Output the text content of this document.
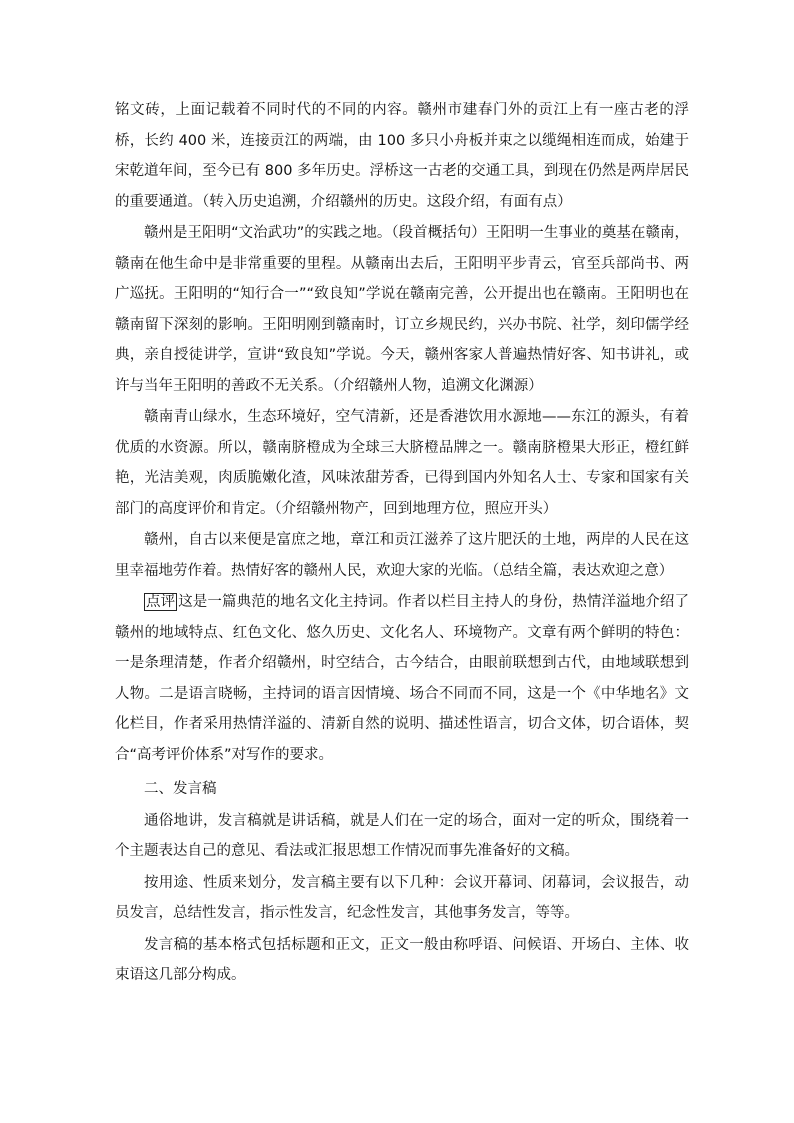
铭文砖，上面记载着不同时代的不同的内容。赣州市建春门外的贡江上有一座古老的浮桥，长约 400 米，连接贡江的两端，由 100 多只小舟板并束之以缆绳相连而成，始建于宋乾道年间，至今已有 800 多年历史。浮桥这一古老的交通工具，到现在仍然是两岸居民的重要通道。（转入历史追溯，介绍赣州的历史。这段介绍，有面有点）

赣州是王阳明“文治武功”的实践之地。（段首概括句）王阳明一生事业的奠基在赣南，赣南在他生命中是非常重要的里程。从赣南出去后，王阳明平步青云，官至兵部尚书、两广巡抚。王阳明的“知行合一”“致良知”学说在赣南完善，公开提出也在赣南。王阳明也在赣南留下深刻的影响。王阳明刚到赣南时，订立乡规民约，兴办书院、社学，刻印儒学经典，亲自授徒讲学，宣讲“致良知”学说。今天，赣州客家人普遍热情好客、知书讲礼，或许与当年王阳明的善政不无关系。（介绍赣州人物，追溯文化渊源）

赣南青山绿水，生态环境好，空气清新，还是香港饮用水源地——东江的源头，有着优质的水资源。所以，赣南脐橙成为全球三大脐橙品牌之一。赣南脐橙果大形正，橙红鲜艳，光洁美观，肉质脆嫩化渣，风味浓甜芳香，已得到国内外知名人士、专家和国家有关部门的高度评价和肯定。（介绍赣州物产，回到地理方位，照应开头）

赣州，自古以来便是富庶之地，章江和贡江滋养了这片肥沃的土地，两岸的人民在这里幸福地劳作着。热情好客的赣州人民，欢迎大家的光临。（总结全篇，表达欢迎之意）

点评 这是一篇典范的地名文化主持词。作者以栏目主持人的身份，热情洋溢地介绍了赣州的地域特点、红色文化、悠久历史、文化名人、环境物产。文章有两个鲜明的特色：一是条理清楚，作者介绍赣州，时空结合，古今结合，由眼前联想到古代，由地域联想到人物。二是语言晓畅，主持词的语言因情境、场合不同而不同，这是一个《中华地名》文化栏目，作者采用热情洋溢的、清新自然的说明、描述性语言，切合文体，切合语体，契合“高考评价体系”对写作的要求。

二、发言稿

通俗地讲，发言稿就是讲话稿，就是人们在一定的场合，面对一定的听众，围绕着一个主题表达自己的意见、看法或汇报思想工作情况而事先准备好的文稿。

按用途、性质来划分，发言稿主要有以下几种：会议开幕词、闭幕词，会议报告，动员发言，总结性发言，指示性发言，纪念性发言，其他事务发言，等等。

发言稿的基本格式包括标题和正文，正文一般由称呼语、问候语、开场白、主体、收束语这几部分构成。
